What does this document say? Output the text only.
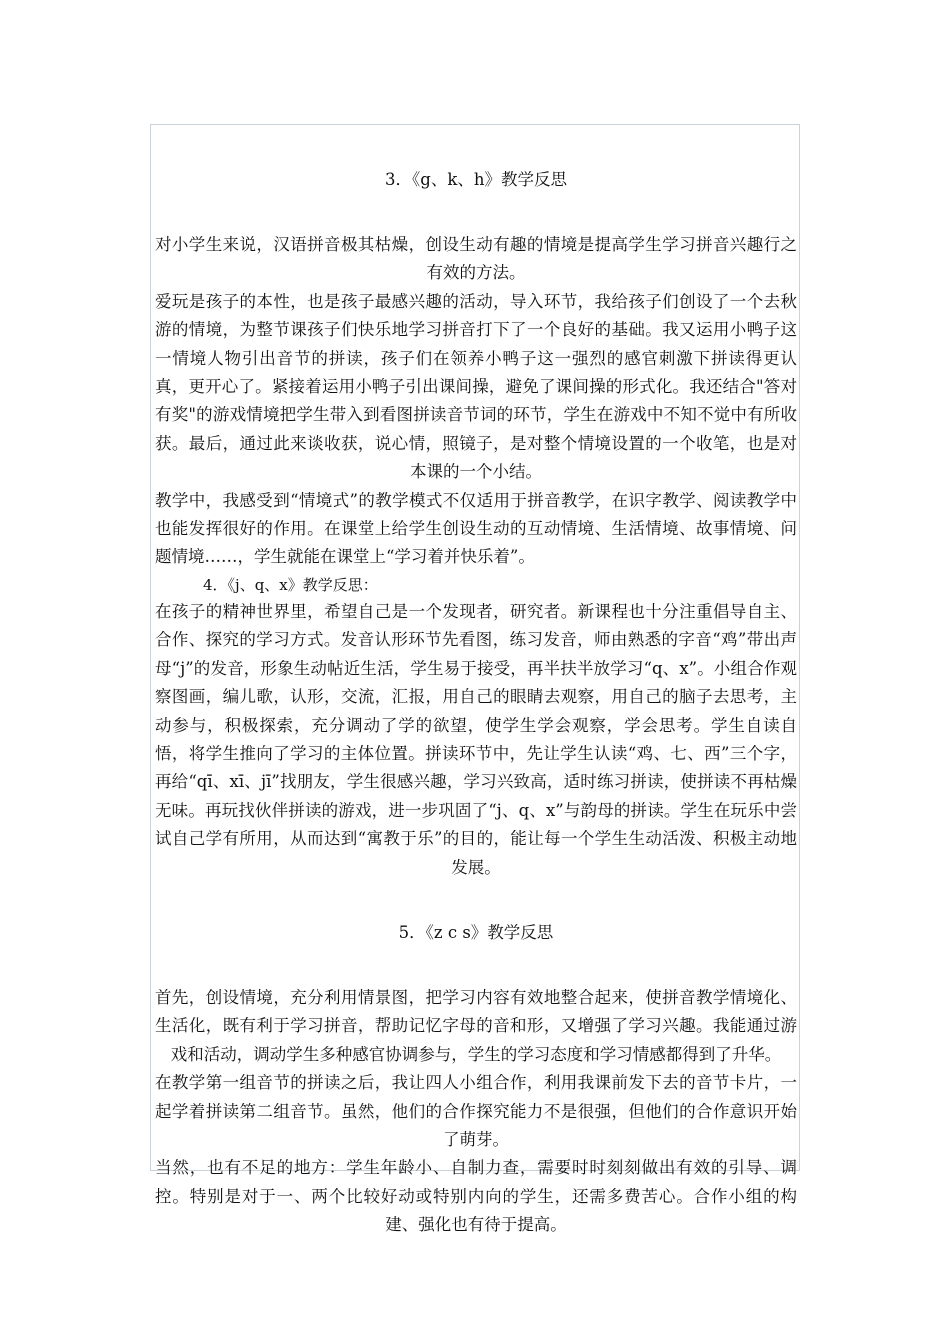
3．《g、k、h》教学反思

对小学生来说，汉语拼音极其枯燥，创设生动有趣的情境是提高学生学习拼音兴趣行之有效的方法。

爱玩是孩子的本性，也是孩子最感兴趣的活动，导入环节，我给孩子们创设了一个去秋游的情境，为整节课孩子们快乐地学习拼音打下了一个良好的基础。我又运用小鸭子这一情境人物引出音节的拼读，孩子们在领养小鸭子这一强烈的感官刺激下拼读得更认真，更开心了。紧接着运用小鸭子引出课间操，避免了课间操的形式化。我还结合"答对有奖"的游戏情境把学生带入到看图拼读音节词的环节，学生在游戏中不知不觉中有所收获。最后，通过此来谈收获，说心情，照镜子，是对整个情境设置的一个收笔，也是对本课的一个小结。

教学中，我感受到“情境式”的教学模式不仅适用于拼音教学，在识字教学、阅读教学中也能发挥很好的作用。在课堂上给学生创设生动的互动情境、生活情境、故事情境、问题情境……，学生就能在课堂上“学习着并快乐着”。

4．《j、q、x》教学反思：

在孩子的精神世界里，希望自己是一个发现者，研究者。新课程也十分注重倡导自主、合作、探究的学习方式。发音认形环节先看图，练习发音，师由熟悉的字音“鸡”带出声母“j”的发音，形象生动帖近生活，学生易于接受，再半扶半放学习“q、x”。小组合作观察图画，编儿歌，认形，交流，汇报，用自己的眼睛去观察，用自己的脑子去思考，主动参与，积极探索，充分调动了学的欲望，使学生学会观察，学会思考。学生自读自悟，将学生推向了学习的主体位置。拼读环节中，先让学生认读“鸡、七、西”三个字，再给“qī、xī、jī”找朋友，学生很感兴趣，学习兴致高，适时练习拼读，使拼读不再枯燥无味。再玩找伙伴拼读的游戏，进一步巩固了“j、q、x”与韵母的拼读。学生在玩乐中尝试自己学有所用，从而达到“寓教于乐”的目的，能让每一个学生生动活泼、积极主动地发展。

5．《z c s》教学反思

首先，创设情境，充分利用情景图，把学习内容有效地整合起来，使拼音教学情境化、生活化，既有利于学习拼音，帮助记忆字母的音和形，又增强了学习兴趣。我能通过游戏和活动，调动学生多种感官协调参与，学生的学习态度和学习情感都得到了升华。

在教学第一组音节的拼读之后，我让四人小组合作，利用我课前发下去的音节卡片，一起学着拼读第二组音节。虽然，他们的合作探究能力不是很强，但他们的合作意识开始了萌芽。

当然，也有不足的地方：学生年龄小、自制力查，需要时时刻刻做出有效的引导、调控。特别是对于一、两个比较好动或特别内向的学生，还需多费苦心。合作小组的构建、强化也有待于提高。
